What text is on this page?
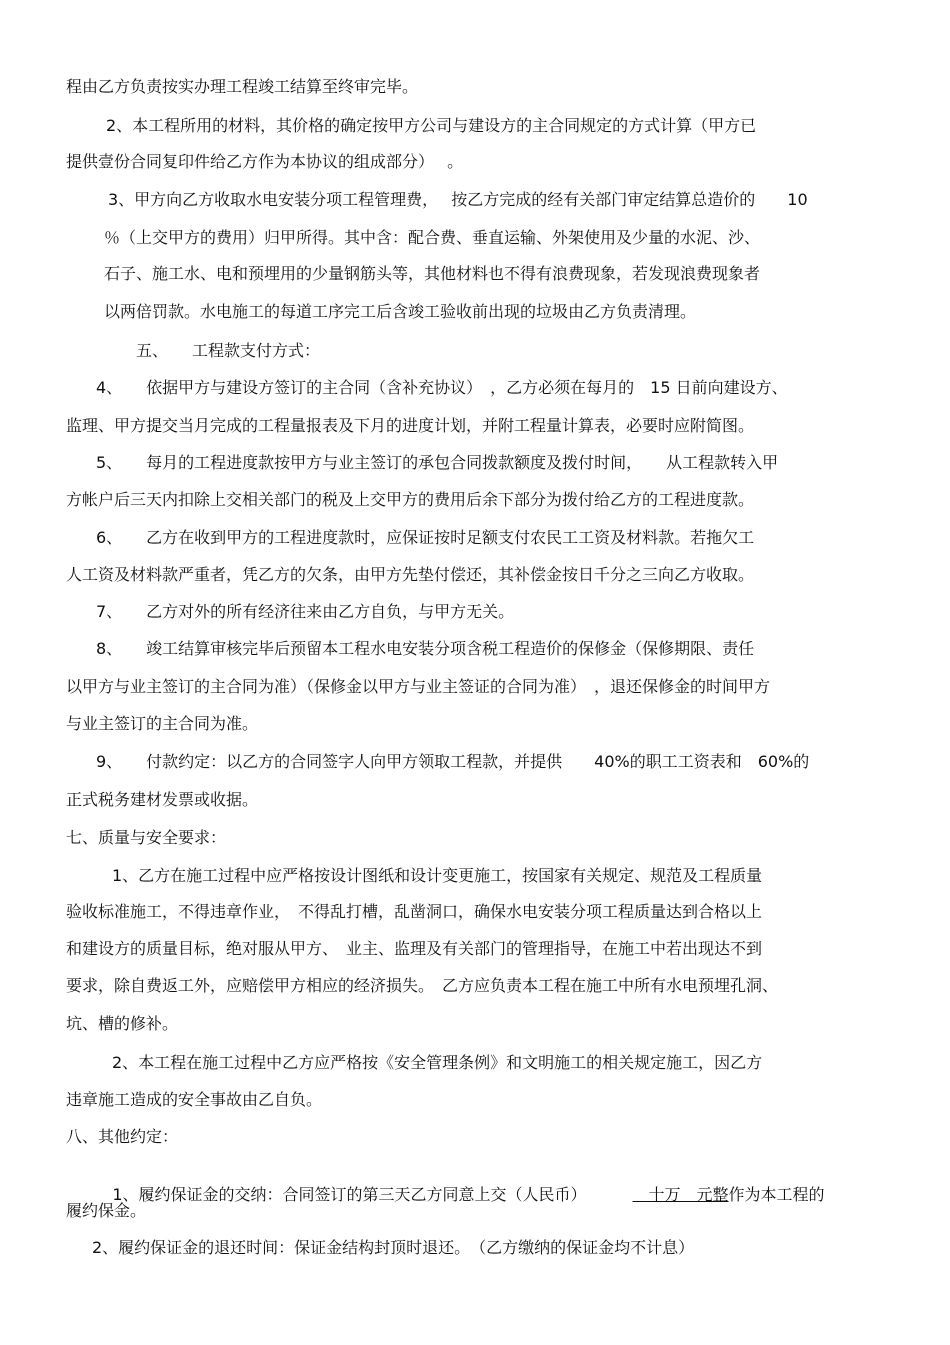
程由乙方负责按实办理工程竣工结算至终审完毕。
2、本工程所用的材料，其价格的确定按甲方公司与建设方的主合同规定的方式计算（甲方已
提供壹份合同复印件给乙方作为本协议的组成部分）　 。
3、甲方向乙方收取水电安装分项工程管理费，　 按乙方完成的经有关部门审定结算总造价的　　10
％（上交甲方的费用）归甲所得。其中含：配合费、垂直运输、外架使用及少量的水泥、沙、
石子、施工水、电和预埋用的少量钢筋头等，其他材料也不得有浪费现象，若发现浪费现象者
以两倍罚款。水电施工的每道工序完工后含竣工验收前出现的垃圾由乙方负责清理。
五、　　工程款支付方式：
4、　　依据甲方与建设方签订的主合同（含补充协议）　，乙方必须在每月的　15 日前向建设方、
监理、甲方提交当月完成的工程量报表及下月的进度计划，并附工程量计算表，必要时应附简图。
5、　　每月的工程进度款按甲方与业主签订的承包合同拨款额度及拨付时间，　　从工程款转入甲
方帐户后三天内扣除上交相关部门的税及上交甲方的费用后余下部分为拨付给乙方的工程进度款。
6、　　乙方在收到甲方的工程进度款时，应保证按时足额支付农民工工资及材料款。若拖欠工
人工资及材料款严重者，凭乙方的欠条，由甲方先垫付偿还，其补偿金按日千分之三向乙方收取。
7、　　乙方对外的所有经济往来由乙方自负，与甲方无关。
8、　　竣工结算审核完毕后预留本工程水电安装分项含税工程造价的保修金（保修期限、责任
以甲方与业主签订的主合同为准）（保修金以甲方与业主签证的合同为准）　，退还保修金的时间甲方
与业主签订的主合同为准。
9、　　付款约定：以乙方的合同签字人向甲方领取工程款，并提供　　40%的职工工资表和　60%的
正式税务建材发票或收据。
七、质量与安全要求：
1、乙方在施工过程中应严格按设计图纸和设计变更施工，按国家有关规定、规范及工程质量
验收标准施工，不得违章作业，　不得乱打槽，乱凿洞口，确保水电安装分项工程质量达到合格以上
和建设方的质量目标，绝对服从甲方、　业主、监理及有关部门的管理指导，在施工中若出现达不到
要求，除自费返工外，应赔偿甲方相应的经济损失。　乙方应负责本工程在施工中所有水电预埋孔洞、
坑、槽的修补。
2、本工程在施工过程中乙方应严格按《安全管理条例》和文明施工的相关规定施工，因乙方
违章施工造成的安全事故由乙自负。
八、其他约定：

1、履约保证金的交纳：合同签订的第三天乙方同意上交（人民币）	　十万　元整作为本工程的

履约保金。
2、履约保证金的退还时间：保证金结构封顶时退还。　（乙方缴纳的保证金均不计息）
